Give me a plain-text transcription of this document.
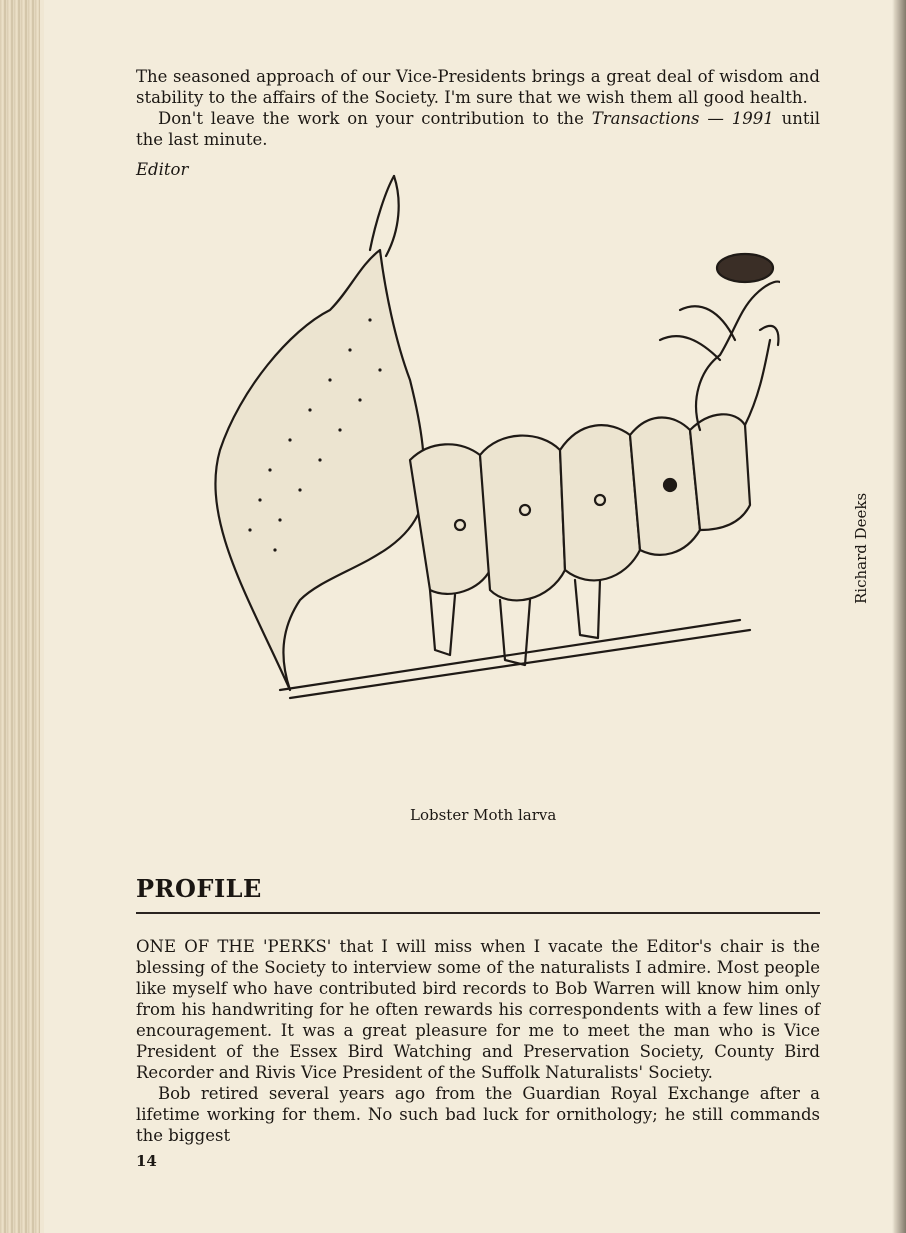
The seasoned approach of our Vice-Presidents brings a great deal of wisdom and stability to the affairs of the Society. I'm sure that we wish them all good health.

Don't leave the work on your contribution to the Transactions — 1991 until the last minute.

Editor

Richard Deeks

Lobster Moth larva

PROFILE

ONE OF THE 'PERKS' that I will miss when I vacate the Editor's chair is the blessing of the Society to interview some of the naturalists I admire. Most people like myself who have contributed bird records to Bob Warren will know him only from his handwriting for he often rewards his correspondents with a few lines of encouragement. It was a great pleasure for me to meet the man who is Vice President of the Essex Bird Watching and Preservation Society, County Bird Recorder and Rivis Vice President of the Suffolk Naturalists' Society.

Bob retired several years ago from the Guardian Royal Exchange after a lifetime working for them. No such bad luck for ornithology; he still commands the biggest

14
